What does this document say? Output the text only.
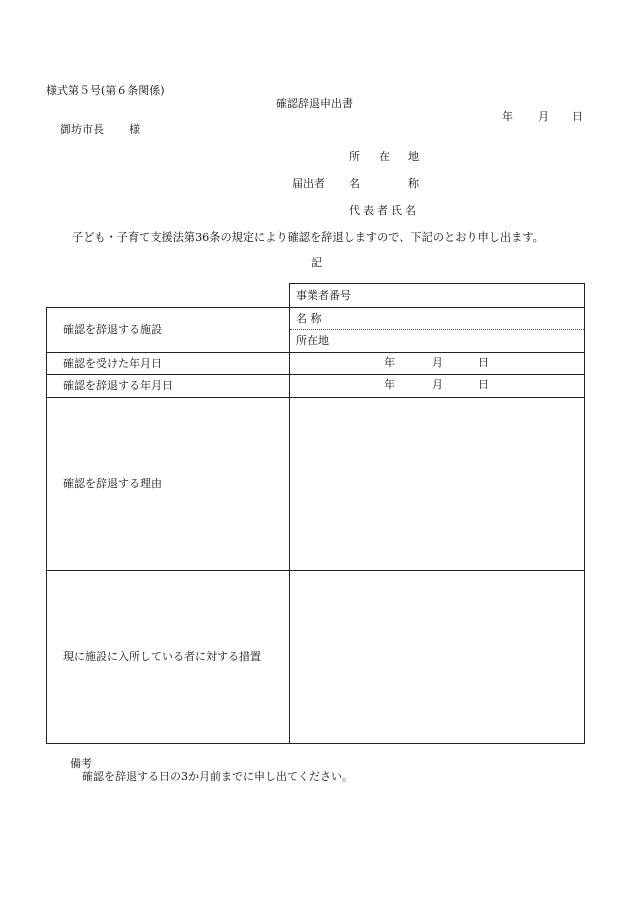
様式第５号(第６条関係)
確認辞退申出書
年 月 日
御坊市長 様
所 在 地
届出者 名	称
代表者氏名
子ども・子育て支援法第36条の規定により確認を辞退しますので、下記のとおり申し出ます。
記
	事業者番号
確認を辞退する施設	名 称
	所在地
確認を受けた年月日	年 月 日

確認を辞退する年月日	年 月 日

確認を辞退する理由	
現に施設に入所している者に対する措置	
備考
確認を辞退する日の3か月前までに申し出てください。
